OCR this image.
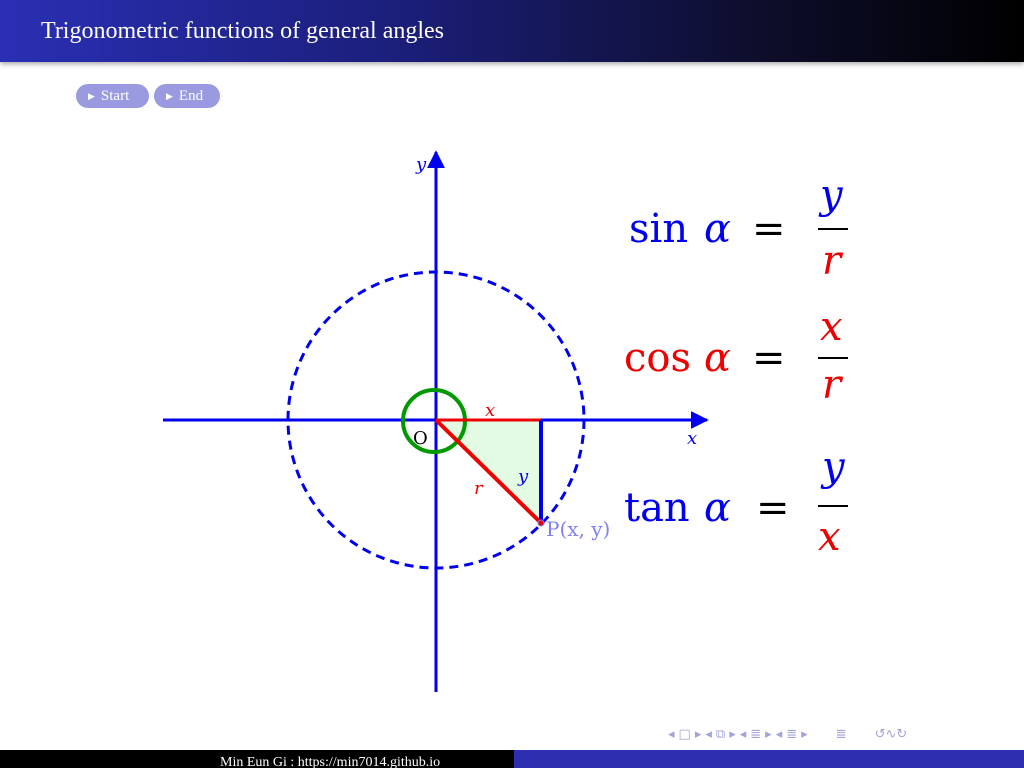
Trigonometric functions of general angles
▶ Start	▶ End
y
x
O
x
y
r
P(x, y)
sin α =
y
r
cos α =
x
r
tan α =
y
x
◂ □ ▸ ◂ ⧉ ▸ ◂ ≣ ▸ ◂ ≣ ▸ ≣ ↺∿↻
Min Eun Gi : https://min7014.github.io
